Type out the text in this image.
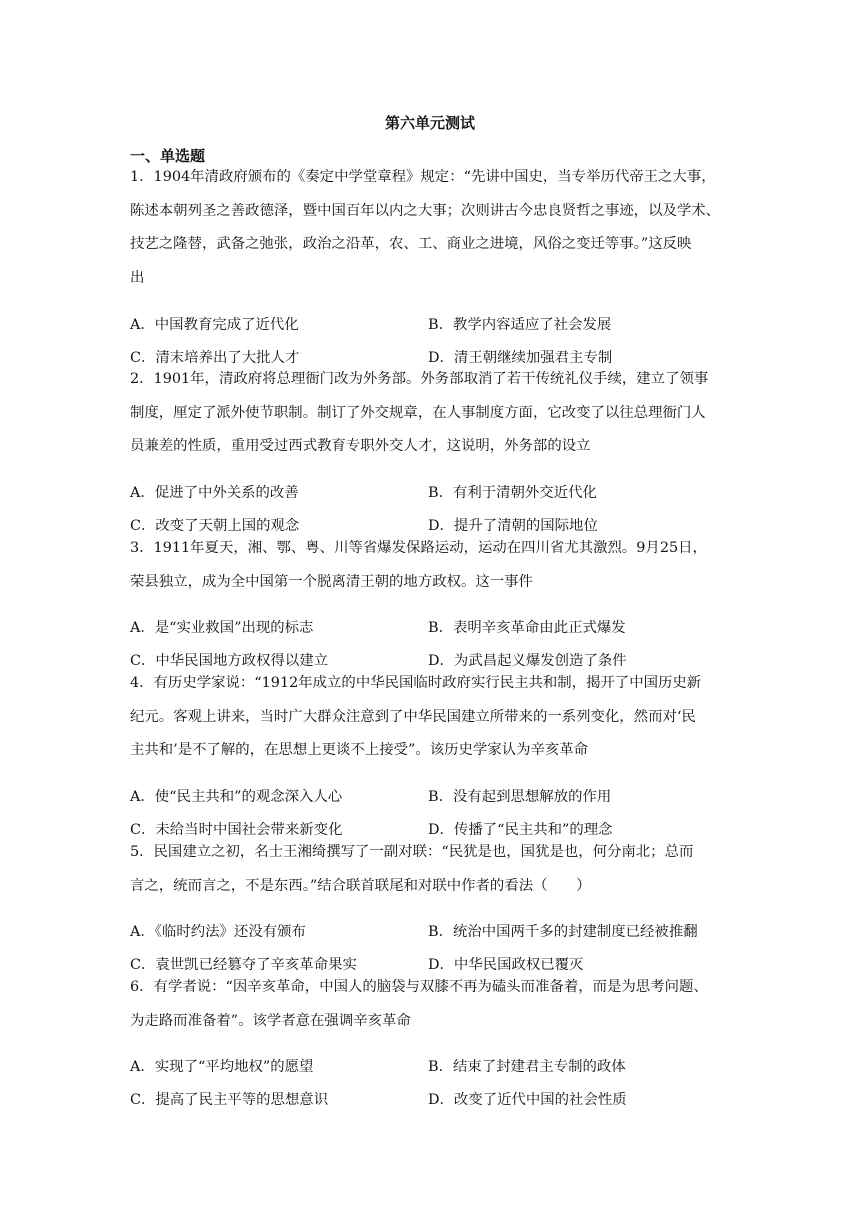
第六单元测试
一、单选题
1．1904年清政府颁布的《奏定中学堂章程》规定：“先讲中国史，当专举历代帝王之大事，
陈述本朝列圣之善政德泽，暨中国百年以内之大事；次则讲古今忠良贤哲之事迹，以及学术、
技艺之隆替，武备之弛张，政治之沿革，农、工、商业之进境，风俗之变迁等事。”这反映
出
A．中国教育完成了近代化	B．教学内容适应了社会发展
C．清末培养出了大批人才	D．清王朝继续加强君主专制
2．1901年，清政府将总理衙门改为外务部。外务部取消了若干传统礼仪手续，建立了领事
制度，厘定了派外使节职制。制订了外交规章，在人事制度方面，它改变了以往总理衙门人
员兼差的性质，重用受过西式教育专职外交人才，这说明，外务部的设立
A．促进了中外关系的改善	B．有利于清朝外交近代化
C．改变了天朝上国的观念	D．提升了清朝的国际地位
3．1911年夏天，湘、鄂、粤、川等省爆发保路运动，运动在四川省尤其激烈。9月25日，
荣县独立，成为全中国第一个脱离清王朝的地方政权。这一事件
A．是“实业救国”出现的标志	B．表明辛亥革命由此正式爆发
C．中华民国地方政权得以建立	D．为武昌起义爆发创造了条件
4．有历史学家说：“1912年成立的中华民国临时政府实行民主共和制，揭开了中国历史新
纪元。客观上讲来，当时广大群众注意到了中华民国建立所带来的一系列变化，然而对‘民
主共和’是不了解的，在思想上更谈不上接受”。该历史学家认为辛亥革命
A．使“民主共和”的观念深入人心	B．没有起到思想解放的作用
C．未给当时中国社会带来新变化	D．传播了“民主共和”的理念
5．民国建立之初，名士王湘绮撰写了一副对联：“民犹是也，国犹是也，何分南北；总而
言之，统而言之，不是东西。”结合联首联尾和对联中作者的看法（　　）
A．《临时约法》还没有颁布	B．统治中国两千多的封建制度已经被推翻
C．袁世凯已经篡夺了辛亥革命果实	D．中华民国政权已覆灭
6．有学者说：“因辛亥革命，中国人的脑袋与双膝不再为磕头而准备着，而是为思考问题、
为走路而准备着”。该学者意在强调辛亥革命
A．实现了“平均地权”的愿望	B．结束了封建君主专制的政体
C．提高了民主平等的思想意识	D．改变了近代中国的社会性质
